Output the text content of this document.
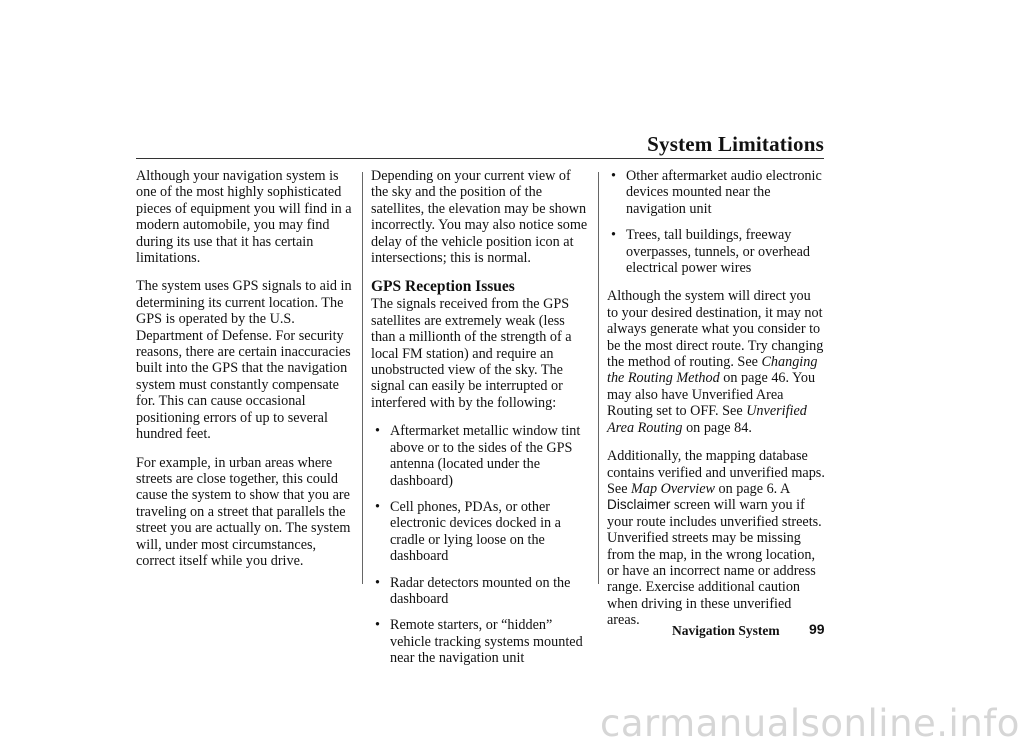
System Limitations

Although your navigation system is one of the most highly sophisticated pieces of equipment you will find in a modern automobile, you may find during its use that it has certain limitations.

The system uses GPS signals to aid in determining its current location. The GPS is operated by the U.S. Department of Defense. For security reasons, there are certain inaccuracies built into the GPS that the navigation system must constantly compensate for. This can cause occasional positioning errors of up to several hundred feet.

For example, in urban areas where streets are close together, this could cause the system to show that you are traveling on a street that parallels the street you are actually on. The system will, under most circumstances, correct itself while you drive.

Depending on your current view of the sky and the position of the satellites, the elevation may be shown incorrectly. You may also notice some delay of the vehicle position icon at intersections; this is normal.

GPS Reception Issues

The signals received from the GPS satellites are extremely weak (less than a millionth of the strength of a local FM station) and require an unobstructed view of the sky. The signal can easily be interrupted or interfered with by the following:

• Aftermarket metallic window tint above or to the sides of the GPS antenna (located under the dashboard)
• Cell phones, PDAs, or other electronic devices docked in a cradle or lying loose on the dashboard
• Radar detectors mounted on the dashboard
• Remote starters, or “hidden” vehicle tracking systems mounted near the navigation unit
• Other aftermarket audio electronic devices mounted near the navigation unit
• Trees, tall buildings, freeway overpasses, tunnels, or overhead electrical power wires

Although the system will direct you to your desired destination, it may not always generate what you consider to be the most direct route. Try changing the method of routing. See Changing the Routing Method on page 46. You may also have Unverified Area Routing set to OFF. See Unverified Area Routing on page 84.

Additionally, the mapping database contains verified and unverified maps. See Map Overview on page 6. A Disclaimer screen will warn you if your route includes unverified streets. Unverified streets may be missing from the map, in the wrong location, or have an incorrect name or address range. Exercise additional caution when driving in these unverified areas.

Navigation System 99
carmanualsonline.info
